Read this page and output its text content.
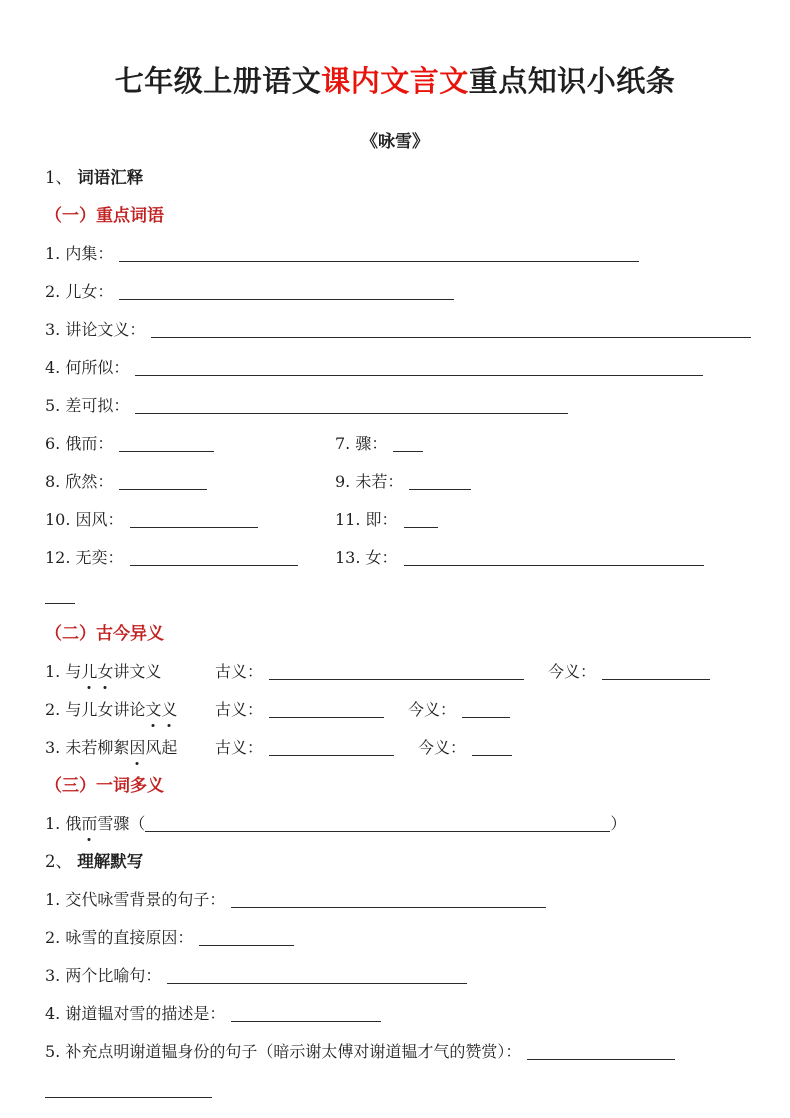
七年级上册语文课内文言文重点知识小纸条
《咏雪》
1、 词语汇释
（一）重点词语
1. 内集：
2. 儿女：
3. 讲论文义：
4. 何所似：
5. 差可拟：
6. 俄而：	7. 骤：
8. 欣然：	9. 未若：
10. 因风：	11. 即：
12. 无奕：	13. 女：
（二）古今异义
1. 与儿女讲文义	古义：	今义：
2. 与儿女讲论文义 古义：	今义：
3. 未若柳絮因风起 古义：	今义：
（三）一词多义
1. 俄而雪骤（	）
2、 理解默写
1. 交代咏雪背景的句子：
2. 咏雪的直接原因：
3. 两个比喻句：
4. 谢道韫对雪的描述是：
5. 补充点明谢道韫身份的句子（暗示谢太傅对谢道韫才气的赞赏）：
